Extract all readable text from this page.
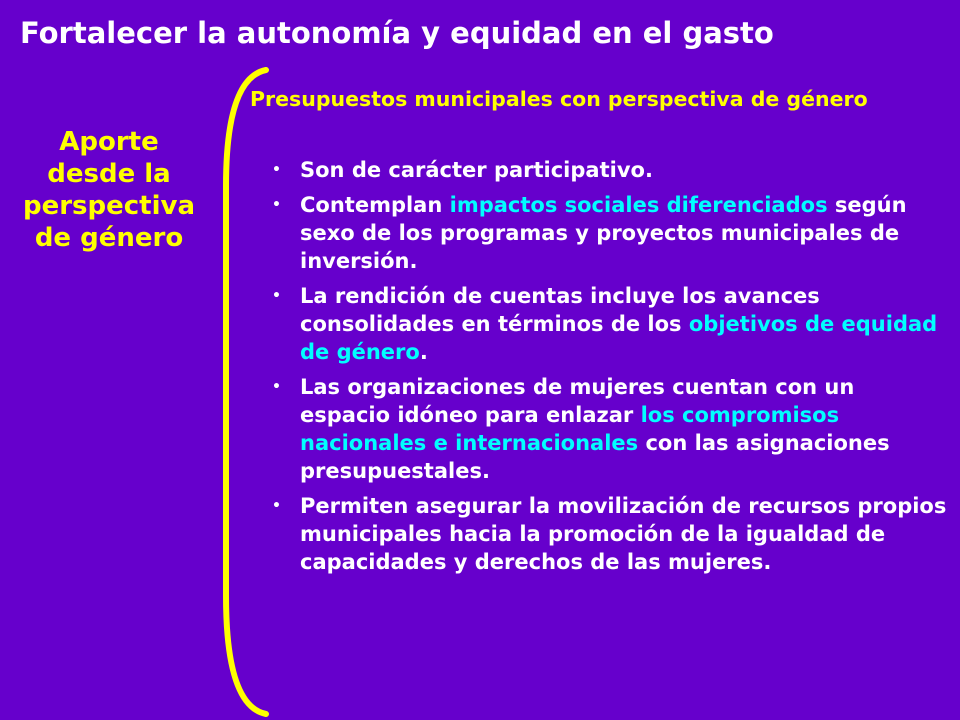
Fortalecer la autonomía y equidad en el gasto
Aporte
desde la
perspectiva
de género
Presupuestos municipales con perspectiva de género
• Son de carácter participativo.
• Contemplan impactos sociales diferenciados según sexo de los programas y proyectos municipales de inversión.
• La rendición de cuentas incluye los avances consolidades en términos de los objetivos de equidad de género.
• Las organizaciones de mujeres cuentan con un espacio idóneo para enlazar los compromisos nacionales e internacionales con las asignaciones presupuestales.
• Permiten asegurar la movilización de recursos propios municipales hacia la promoción de la igualdad de capacidades y derechos de las mujeres.
